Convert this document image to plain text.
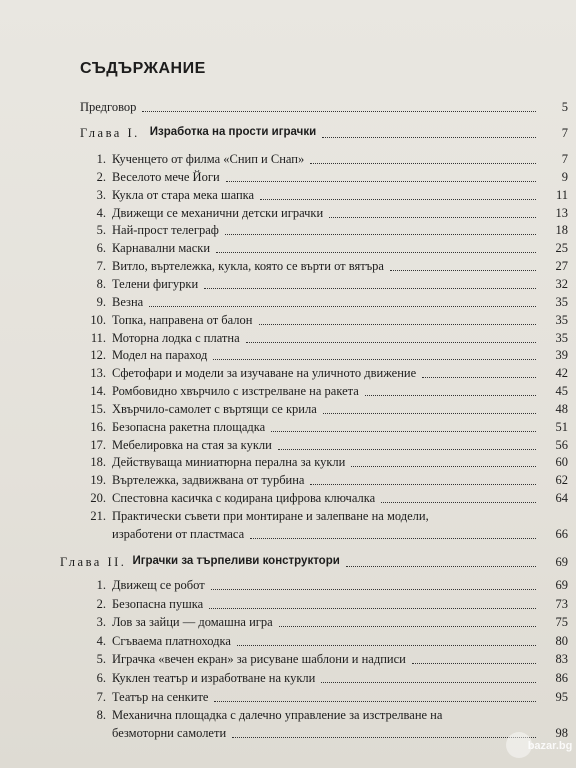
СЪДЪРЖАНИЕ
Предговор	5
Глава I. Изработка на прости играчки	7
1. Кученцето от филма «Снип и Снап»	7
2. Веселото мече Йоги	9
3. Кукла от стара мека шапка	11
4. Движещи се механични детски играчки	13
5. Най-прост телеграф	18
6. Карнавални маски	25
7. Витло, въртележка, кукла, която се върти от вятъра	27
8. Телени фигурки	32
9. Везна	35
10. Топка, направена от балон	35
11. Моторна лодка с платна	35
12. Модел на параход	39
13. Сфетофари и модели за изучаване на уличното движение	42
14. Ромбовидно хвърчило с изстрелване на ракета	45
15. Хвърчило-самолет с въртящи се крила	48
16. Безопасна ракетна площадка	51
17. Мебелировка на стая за кукли	56
18. Действуваща миниатюрна перална за кукли	60
19. Въртележка, задвижвана от турбина	62
20. Спестовна касичка с кодирана цифрова ключалка	64
21. Практически съвети при монтиране и залепване на модели,
изработени от пластмаса	66
Глава II. Играчки за търпеливи конструктори	69
1. Движещ се робот	69
2. Безопасна пушка	73
3. Лов за зайци — домашна игра	75
4. Сгъваема платноходка	80
5. Играчка «вечен екран» за рисуване шаблони и надписи	83
6. Куклен театър и изработване на кукли	86
7. Театър на сенките	95
8. Механична площадка с далечно управление за изстрелване на
безмоторни самолети	98
bazar.bg
